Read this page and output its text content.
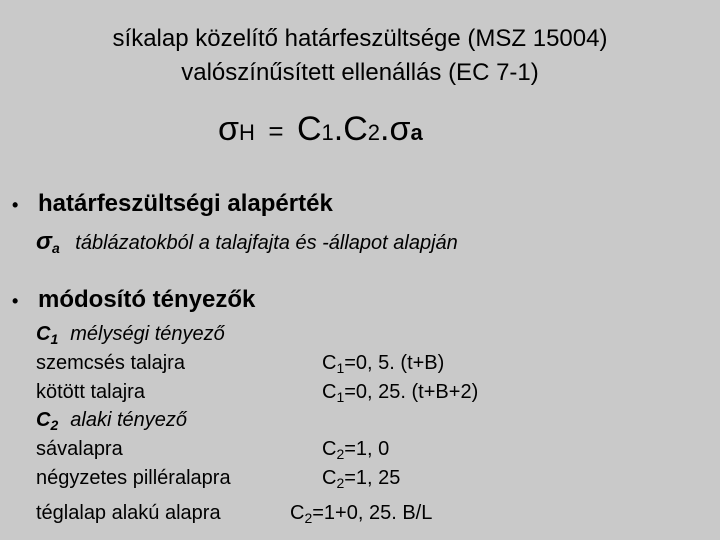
síkalap közelítő határfeszültsége (MSZ 15004)
valószínűsített ellenállás (EC 7-1)
σH = C1.C2.σa
• határfeszültségi alapérték
$\sigma_a$ táblázatokból a talajfajta és -állapot alapján
• módosító tényezők
$C_1$ mélységi tényező
szemcsés talajra	$C_1=0$, 5. (t+B)
kötött talajra	$C_1=0$, 25. (t+B+2)
$C_2$ alaki tényező
sávalapra	$C_2=1$, 0
négyzetes pilléralapra	$C_2=1$, 25
téglalap alakú alapra	$C_2=1+0$, 25. B/L
